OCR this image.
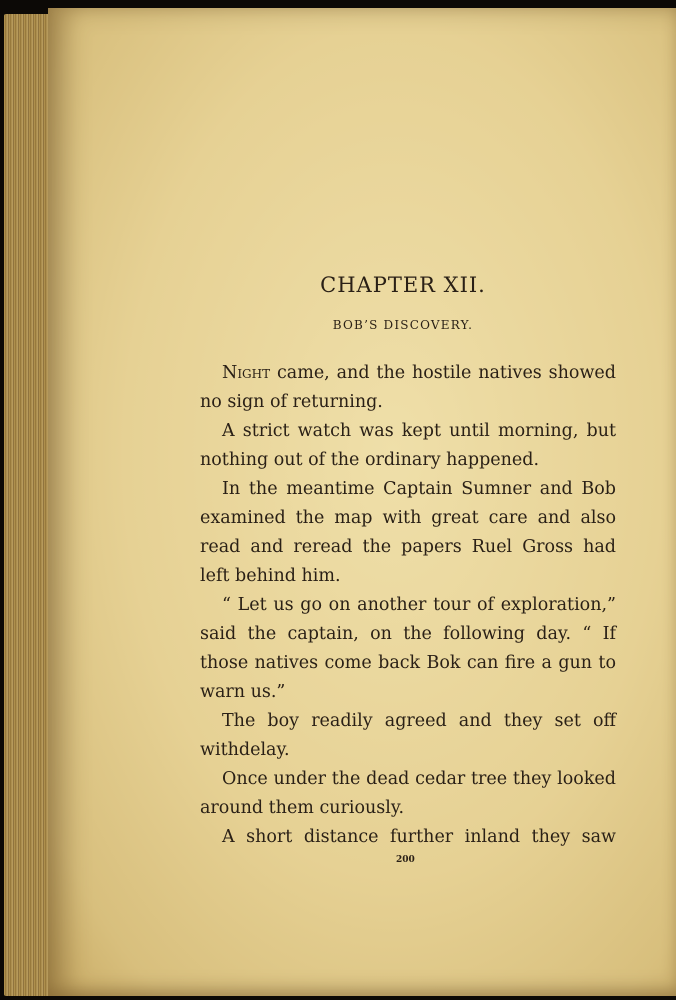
CHAPTER XII.
BOB’S DISCOVERY.

Night came, and the hostile natives showed no sign of returning.

A strict watch was kept until morning, but nothing out of the ordinary happened.

In the meantime Captain Sumner and Bob examined the map with great care and also read and reread the papers Ruel Gross had left behind him.

“ Let us go on another tour of exploration,” said the captain, on the following day. “ If those natives come back Bok can fire a gun to warn us.”

The boy readily agreed and they set off withdelay.

Once under the dead cedar tree they looked around them curiously.

A short distance further inland they saw

200
